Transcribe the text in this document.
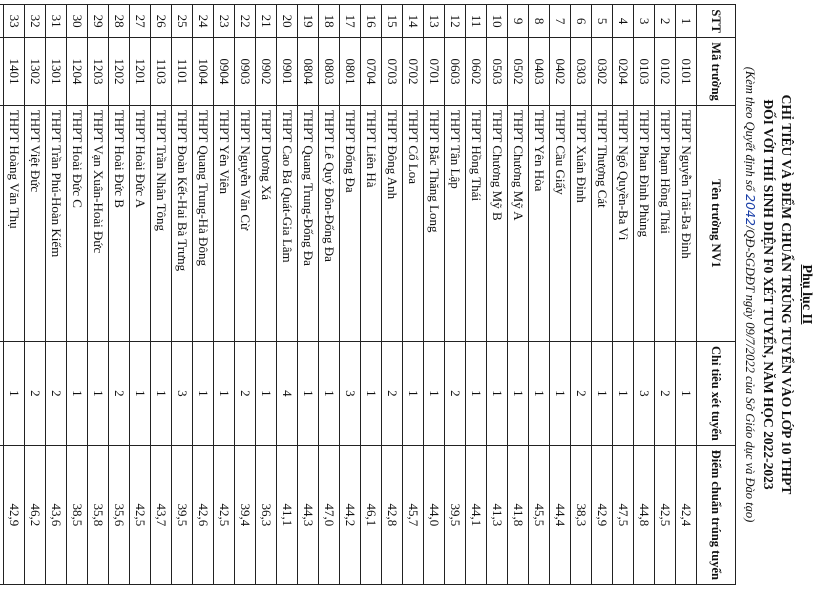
Phụ lục II
CHỈ TIÊU VÀ ĐIỂM CHUẨN TRÚNG TUYỂN VÀO LỚP 10 THPT
ĐỐI VỚI THÍ SINH DIỆN F0 XÉT TUYỂN, NĂM HỌC 2022-2023
(Kèm theo Quyết định số 2042/QĐ-SGDĐT ngày 09/7/2022 của Sở Giáo dục và Đào tạo)
STT	Mã trường	Tên trường NV1	Chỉ tiêu xét tuyển	Điểm chuẩn trúng tuyển
1	0101	THPT Nguyễn Trãi-Ba Đình	1	42,4
2	0102	THPT Phạm Hồng Thái	2	42,5
3	0103	THPT Phan Đình Phùng	3	44,8
4	0204	THPT Ngô Quyền-Ba Vì	1	47,5
5	0302	THPT Thượng Cát	1	42,9
6	0303	THPT Xuân Đỉnh	2	38,3
7	0402	THPT Cầu Giấy	1	44,4
8	0403	THPT Yên Hòa	1	45,5
9	0502	THPT Chương Mỹ A	1	41,8
10	0503	THPT Chương Mỹ B	1	41,3
11	0602	THPT Hồng Thái	1	44,1
12	0603	THPT Tân Lập	2	39,5
13	0701	THPT Bắc Thăng Long	1	44,0
14	0702	THPT Cổ Loa	1	45,7
15	0703	THPT Đông Anh	2	42,8
16	0704	THPT Liên Hà	1	46,1
17	0801	THPT Đống Đa	3	44,2
18	0803	THPT Lê Quý Đôn-Đống Đa	1	47,0
19	0804	THPT Quang Trung-Đống Đa	1	44,3
20	0901	THPT Cao Bá Quát-Gia Lâm	4	41,1
21	0902	THPT Dương Xá	1	36,3
22	0903	THPT Nguyễn Văn Cừ	2	39,4
23	0904	THPT Yên Viên	1	42,5
24	1004	THPT Quang Trung-Hà Đông	1	42,6
25	1101	THPT Đoàn Kết-Hai Bà Trưng	3	39,5
26	1103	THPT Trần Nhân Tông	1	43,7
27	1201	THPT Hoài Đức A	1	42,5
28	1202	THPT Hoài Đức B	2	35,6
29	1203	THPT Vạn Xuân-Hoài Đức	1	35,8
30	1204	THPT Hoài Đức C	1	38,5
31	1301	THPT Trần Phú-Hoàn Kiếm	2	43,6
32	1302	THPT Việt Đức	2	46,2
33	1401	THPT Hoàng Văn Thụ	1	42,9
